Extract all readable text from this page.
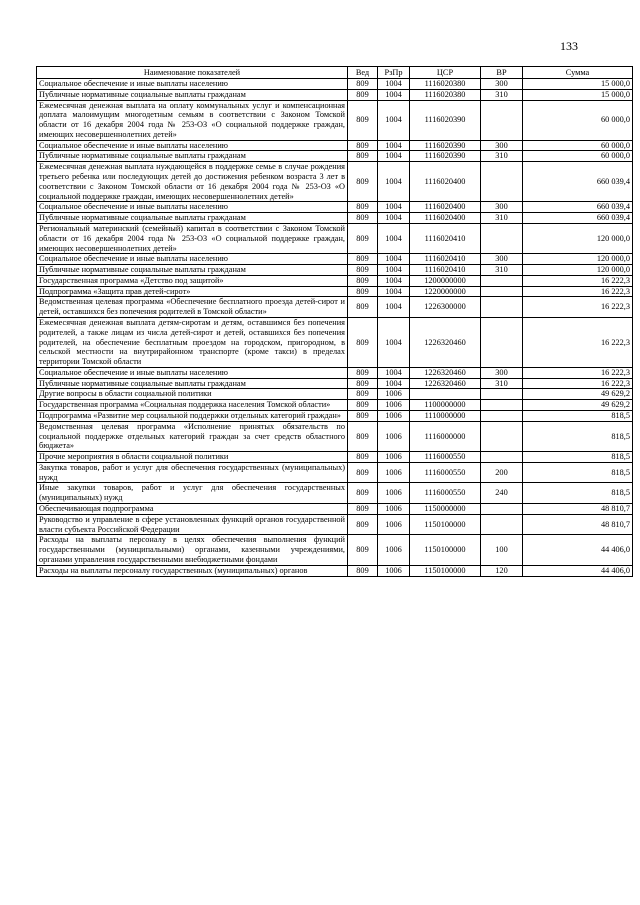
133
Наименование показателей	Вед	РзПр	ЦСР	ВР	Сумма
Социальное обеспечение и иные выплаты населению	809	1004	1116020380	300	15 000,0
Публичные нормативные социальные выплаты гражданам	809	1004	1116020380	310	15 000,0
Ежемесячная денежная выплата на оплату коммунальных услуг и компенсационная доплата малоимущим многодетным семьям в соответствии с Законом Томской области от 16 декабря 2004 года № 253-ОЗ «О социальной поддержке граждан, имеющих несовершеннолетних детей»	809	1004	1116020390		60 000,0
Социальное обеспечение и иные выплаты населению	809	1004	1116020390	300	60 000,0
Публичные нормативные социальные выплаты гражданам	809	1004	1116020390	310	60 000,0
Ежемесячная денежная выплата нуждающейся в поддержке семье в случае рождения третьего ребенка или последующих детей до достижения ребенком возраста 3 лет в соответствии с Законом Томской области от 16 декабря 2004 года № 253-ОЗ «О социальной поддержке граждан, имеющих несовершеннолетних детей»	809	1004	1116020400		660 039,4
Социальное обеспечение и иные выплаты населению	809	1004	1116020400	300	660 039,4
Публичные нормативные социальные выплаты гражданам	809	1004	1116020400	310	660 039,4
Региональный материнский (семейный) капитал в соответствии с Законом Томской области от 16 декабря 2004 года № 253-ОЗ «О социальной поддержке граждан, имеющих несовершеннолетних детей»	809	1004	1116020410		120 000,0
Социальное обеспечение и иные выплаты населению	809	1004	1116020410	300	120 000,0
Публичные нормативные социальные выплаты гражданам	809	1004	1116020410	310	120 000,0
Государственная программа «Детство под защитой»	809	1004	1200000000		16 222,3
Подпрограмма «Защита прав детей-сирот»	809	1004	1220000000		16 222,3
Ведомственная целевая программа «Обеспечение бесплатного проезда детей-сирот и детей, оставшихся без попечения родителей в Томской области»	809	1004	1226300000		16 222,3
Ежемесячная денежная выплата детям-сиротам и детям, оставшимся без попечения родителей, а также лицам из числа детей-сирот и детей, оставшихся без попечения родителей, на обеспечение бесплатным проездом на городском, пригородном, в сельской местности на внутрирайонном транспорте (кроме такси) в пределах территории Томской области	809	1004	1226320460		16 222,3
Социальное обеспечение и иные выплаты населению	809	1004	1226320460	300	16 222,3
Публичные нормативные социальные выплаты гражданам	809	1004	1226320460	310	16 222,3
Другие вопросы в области социальной политики	809	1006			49 629,2
Государственная программа «Социальная поддержка населения Томской области»	809	1006	1100000000		49 629,2
Подпрограмма «Развитие мер социальной поддержки отдельных категорий граждан»	809	1006	1110000000		818,5
Ведомственная целевая программа «Исполнение принятых обязательств по социальной поддержке отдельных категорий граждан за счет средств областного бюджета»	809	1006	1116000000		818,5
Прочие мероприятия в области социальной политики	809	1006	1116000550		818,5
Закупка товаров, работ и услуг для обеспечения государственных (муниципальных) нужд	809	1006	1116000550	200	818,5
Иные закупки товаров, работ и услуг для обеспечения государственных (муниципальных) нужд	809	1006	1116000550	240	818,5
Обеспечивающая подпрограмма	809	1006	1150000000		48 810,7
Руководство и управление в сфере установленных функций органов государственной власти субъекта Российской Федерации	809	1006	1150100000		48 810,7
Расходы на выплаты персоналу в целях обеспечения выполнения функций государственными (муниципальными) органами, казенными учреждениями, органами управления государственными внебюджетными фондами	809	1006	1150100000	100	44 406,0
Расходы на выплаты персоналу государственных (муниципальных) органов	809	1006	1150100000	120	44 406,0
